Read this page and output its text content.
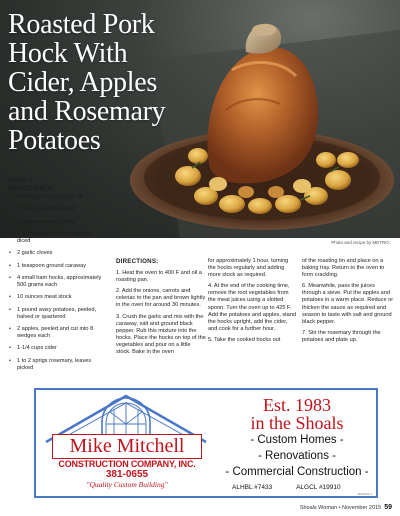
Roasted Pork
Hock With
Cider, Apples
and Rosemary
Potatoes
Photo and recipe by METRO.
Serves 4
INGREDIENTS:
• 1 tablespoon vegetable oil
• 2 onions, roughly diced
• 2 carrots, roughly diced
• 3-1/2 ounces celeriac, roughly diced
• 2 garlic cloves
• 1 teaspoon ground caraway
• 4 small ham hocks, approximately 500 grams each
• 10 ounces meat stock
• 1 pound waxy potatoes, peeled, halved or quartered
• 2 apples, peeled and cut into 8 wedges each
• 1-1/4 cups cider
• 1 to 2 sprigs rosemary, leaves picked
DIRECTIONS:

1. Heat the oven to 400 F and oil a roasting pan.

2. Add the onions, carrots and celeriac to the pan and brown lightly in the oven for around 30 minutes.

3. Crush the garlic and mix with the caraway, salt and ground black pepper. Rub this mixture into the hocks. Place the hocks on top of the vegetables and pour on a little stock. Bake in the oven

for approximately 1 hour, turning the hocks regularly and adding more stock as required.

4. At the end of the cooking time, remove the root vegetables from the meat juices using a slotted spoon. Turn the oven up to 425 F. Add the potatoes and apples, stand the hocks upright, add the cider, and cook for a further hour.

5. Take the cooked hocks out

of the roasting tin and place on a baking tray. Return to the oven to form crackling.

6. Meanwhile, pass the juices through a sieve. Put the apples and potatoes in a warm place. Reduce or thicken the sauce as required and season to taste with salt and ground black pepper.

7. Stir the rosemary through the potatoes and plate up.

Mike Mitchell
CONSTRUCTION COMPANY, INC.
381-0655
"Quality Custom Building"
Est. 1983
in the Shoals
- Custom Homes -
- Renovations -
- Commercial Construction -
ALHBL #7433	ALGCL #19910
MM2001-1
Shoals Woman • November 2015 59
